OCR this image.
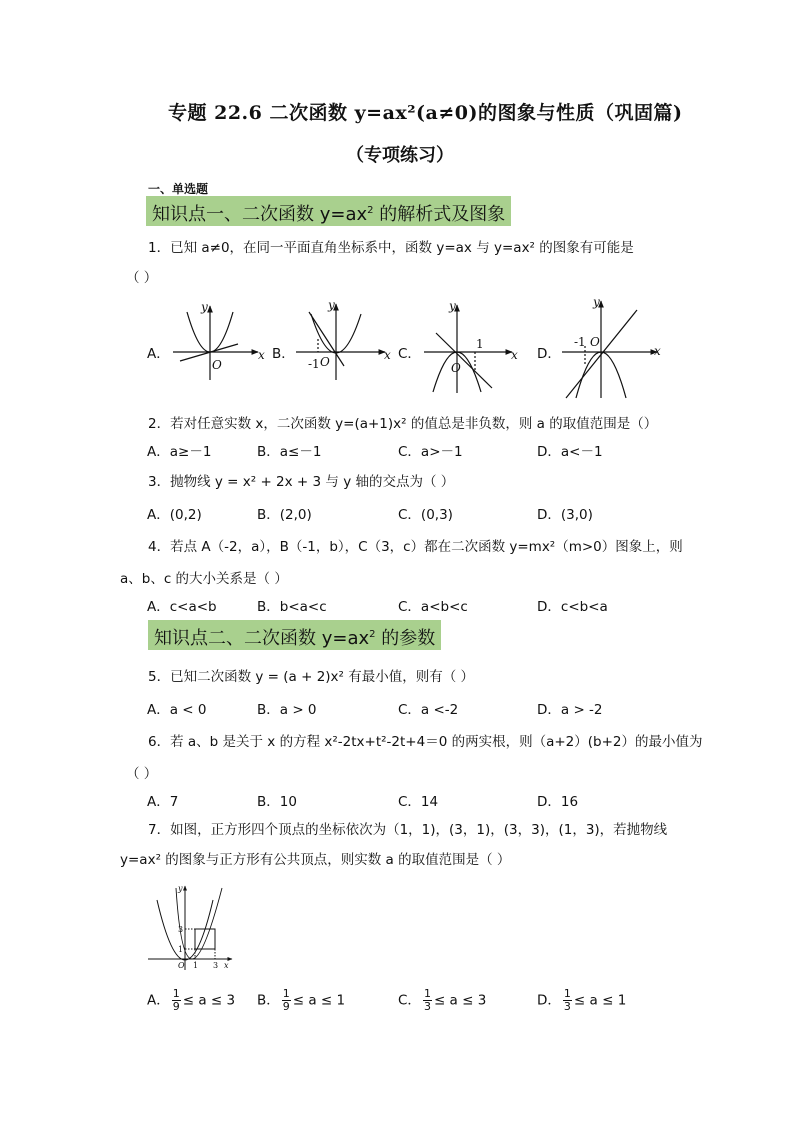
专题 22.6 二次函数 y=ax²(a≠0)的图象与性质（巩固篇)
（专项练习）
一、单选题
知识点一、二次函数 $y=ax^2$ 的解析式及图象
1．已知 a≠0，在同一平面直角坐标系中，函数 y=ax 与 y=ax² 的图象有可能是
（ ）
A．	B．	C．	D．
y
x
O
y
x
O
y
x
O
y
x
O
-1
1	-1
2．若对任意实数 x，二次函数 y=(a+1)x² 的值总是非负数，则 a 的取值范围是（）
A．a≥－1	B．a≤－1	C．a>－1	D．a<－1
3．抛物线 y = x² + 2x + 3 与 y 轴的交点为（ ）
A．(0,2)	B．(2,0)	C．(0,3)	D．(3,0)
4．若点 A（-2，a），B（-1，b），C（3，c）都在二次函数 y=mx²（m>0）图象上，则
a、b、c 的大小关系是（ ）
A．c<a<b	B．b<a<c	C．a<b<c	D．c<b<a
知识点二、二次函数 $y=ax^2$ 的参数
5．已知二次函数 y = (a + 2)x² 有最小值，则有（ ）
A．a < 0	B．a > 0	C．a <-2	D．a > -2
6．若 a、b 是关于 x 的方程 x²-2tx+t²-2t+4＝0 的两实根，则（a+2）(b+2）的最小值为
（ ）
A．7	B．10	C．14	D．16
7．如图，正方形四个顶点的坐标依次为（1，1)，(3，1)，(3，3)，(1，3)，若抛物线
y=ax² 的图象与正方形有公共顶点，则实数 a 的取值范围是（ ）
y
x
O
3
1
1 3
A． $\frac{1}{9} \le a \le 3$ B． $\frac{1}{9} \le a \le 1$	C． $\frac{1}{3} \le a \le 3$	D． $\frac{1}{3} \le a \le 1$
